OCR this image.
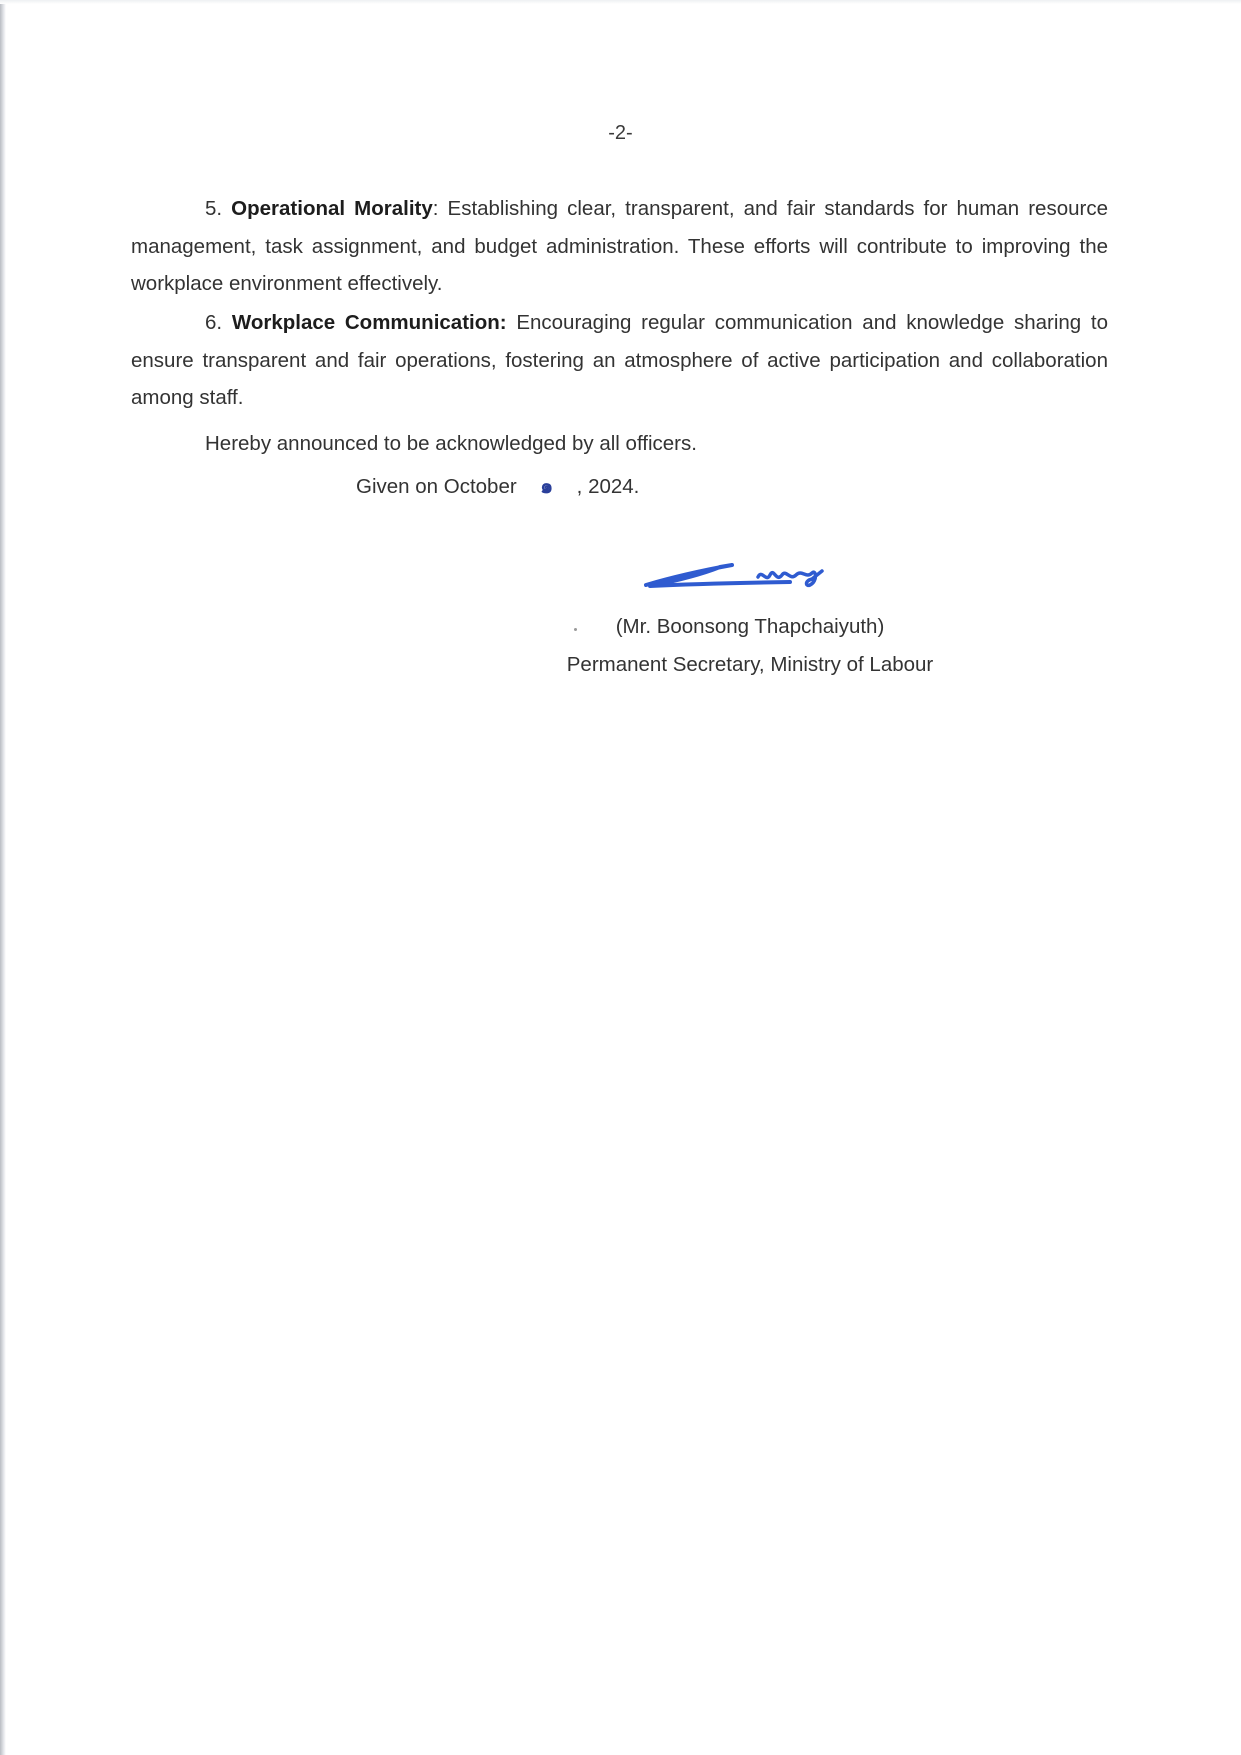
-2-

5. Operational Morality: Establishing clear, transparent, and fair standards for human resource management, task assignment, and budget administration. These efforts will contribute to improving the workplace environment effectively.

6. Workplace Communication: Encouraging regular communication and knowledge sharing to ensure transparent and fair operations, fostering an atmosphere of active participation and collaboration among staff.

Hereby announced to be acknowledged by all officers.
Given on October ๑ , 2024.
(Mr. Boonsong Thapchaiyuth)
Permanent Secretary, Ministry of Labour
